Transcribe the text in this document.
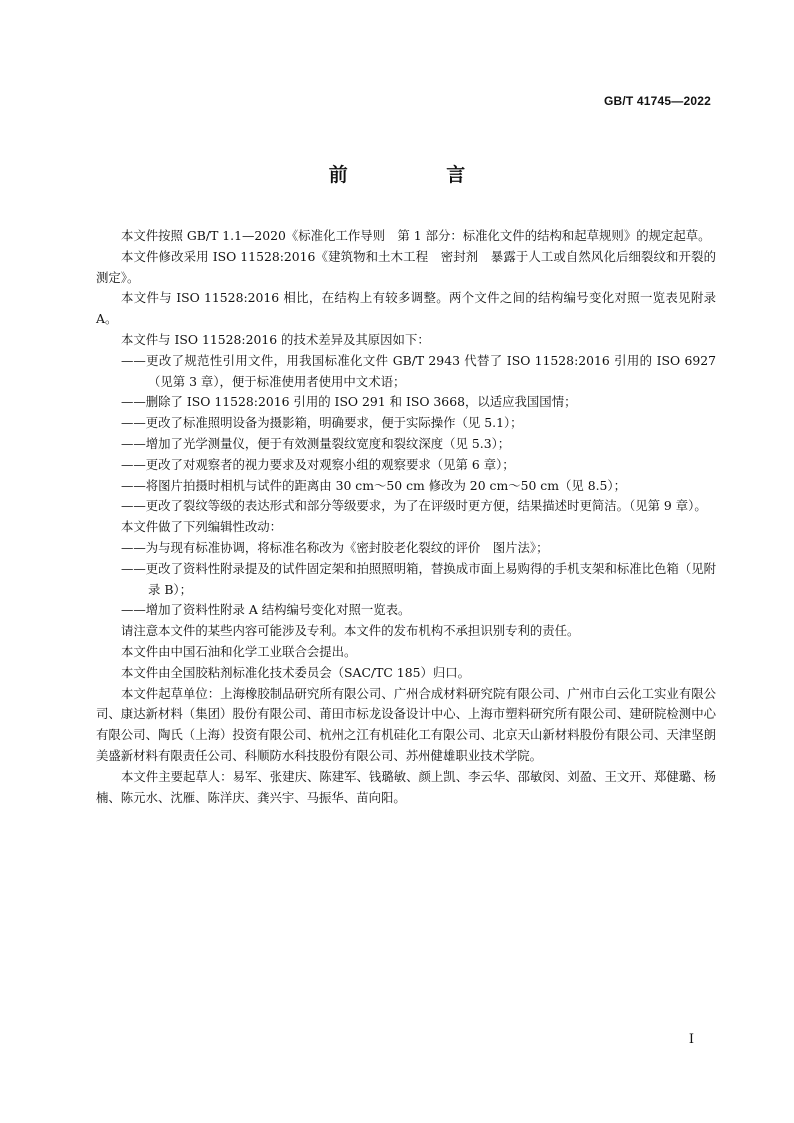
GB/T 41745—2022
前 言

本文件按照 GB/T 1.1—2020《标准化工作导则　第 1 部分：标准化文件的结构和起草规则》的规定起草。

本文件修改采用 ISO 11528:2016《建筑物和土木工程　密封剂　暴露于人工或自然风化后细裂纹和开裂的测定》。

本文件与 ISO 11528:2016 相比，在结构上有较多调整。两个文件之间的结构编号变化对照一览表见附录 A。

本文件与 ISO 11528:2016 的技术差异及其原因如下：

——更改了规范性引用文件，用我国标准化文件 GB/T 2943 代替了 ISO 11528:2016 引用的 ISO 6927（见第 3 章），便于标准使用者使用中文术语；

——删除了 ISO 11528:2016 引用的 ISO 291 和 ISO 3668，以适应我国国情；

——更改了标准照明设备为摄影箱，明确要求，便于实际操作（见 5.1）；

——增加了光学测量仪，便于有效测量裂纹宽度和裂纹深度（见 5.3）；

——更改了对观察者的视力要求及对观察小组的观察要求（见第 6 章）；

——将图片拍摄时相机与试件的距离由 30 cm～50 cm 修改为 20 cm～50 cm（见 8.5）；

——更改了裂纹等级的表达形式和部分等级要求，为了在评级时更方便，结果描述时更简洁。（见第 9 章）。

本文件做了下列编辑性改动：

——为与现有标准协调，将标准名称改为《密封胶老化裂纹的评价　图片法》；

——更改了资料性附录提及的试件固定架和拍照照明箱，替换成市面上易购得的手机支架和标准比色箱（见附录 B）；

——增加了资料性附录 A 结构编号变化对照一览表。

请注意本文件的某些内容可能涉及专利。本文件的发布机构不承担识别专利的责任。

本文件由中国石油和化学工业联合会提出。

本文件由全国胶粘剂标准化技术委员会（SAC/TC 185）归口。

本文件起草单位：上海橡胶制品研究所有限公司、广州合成材料研究院有限公司、广州市白云化工实业有限公司、康达新材料（集团）股份有限公司、莆田市标龙设备设计中心、上海市塑料研究所有限公司、建研院检测中心有限公司、陶氏（上海）投资有限公司、杭州之江有机硅化工有限公司、北京天山新材料股份有限公司、天津坚朗美盛新材料有限责任公司、科顺防水科技股份有限公司、苏州健雄职业技术学院。

本文件主要起草人：易军、张建庆、陈建军、钱璐敏、颜上凯、李云华、邵敏闵、刘盈、王文开、郑健璐、杨楠、陈元水、沈雁、陈洋庆、龚兴宇、马振华、苗向阳。

I
